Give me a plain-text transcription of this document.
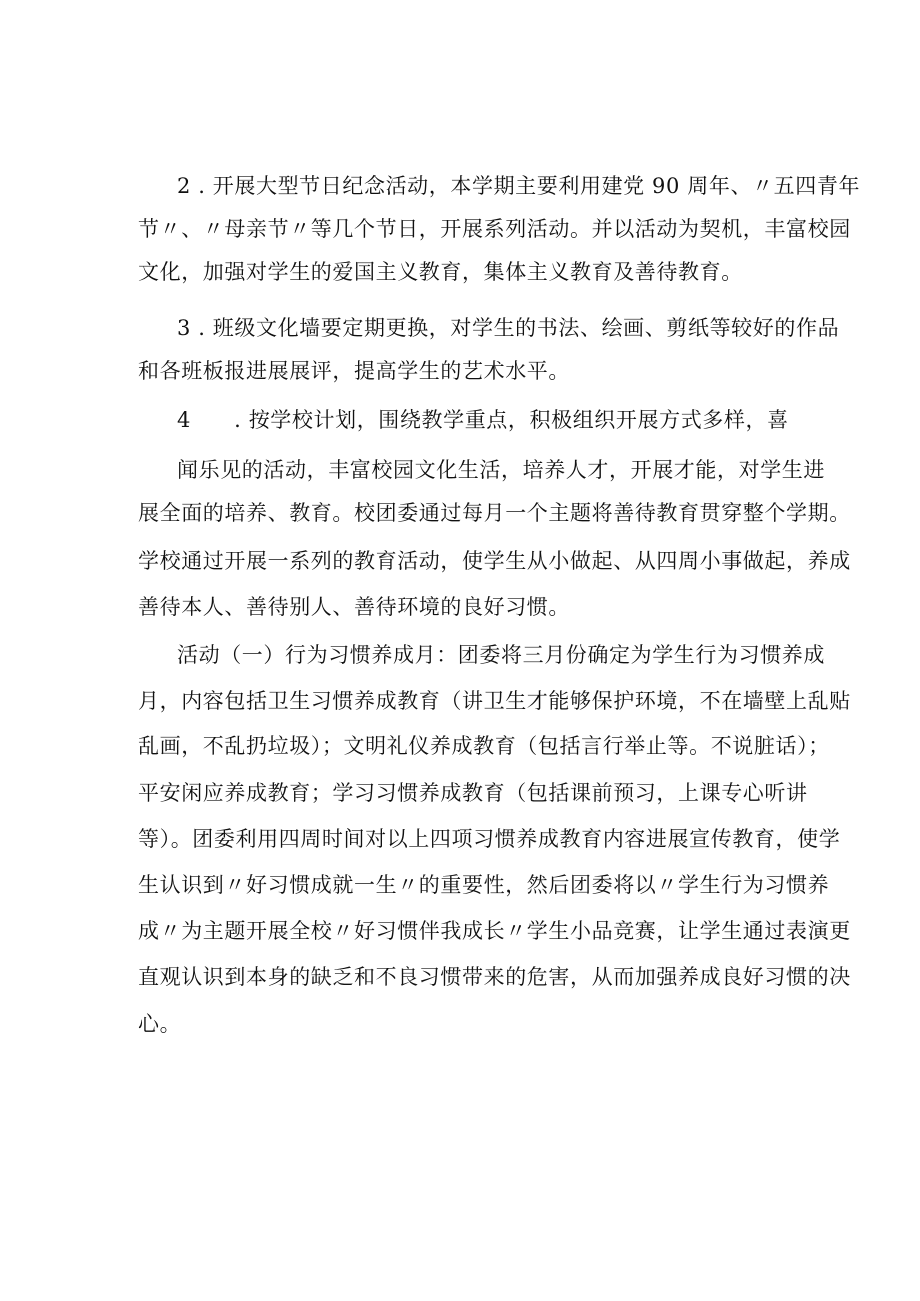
2 . 开展大型节日纪念活动，本学期主要利用建党 90 周年、〃五四青年
节〃、〃母亲节〃等几个节日，开展系列活动。并以活动为契机，丰富校园
文化，加强对学生的爱国主义教育，集体主义教育及善待教育。
3 . 班级文化墙要定期更换，对学生的书法、绘画、剪纸等较好的作品
和各班板报进展展评，提高学生的艺术水平。
4　　. 按学校计划，围绕教学重点，积极组织开展方式多样，喜
闻乐见的活动，丰富校园文化生活，培养人才，开展才能，对学生进
展全面的培养、教育。校团委通过每月一个主题将善待教育贯穿整个学期。
学校通过开展一系列的教育活动，使学生从小做起、从四周小事做起，养成
善待本人、善待别人、善待环境的良好习惯。
活动（一）行为习惯养成月：团委将三月份确定为学生行为习惯养成
月，内容包括卫生习惯养成教育（讲卫生才能够保护环境，不在墙壁上乱贴
乱画，不乱扔垃圾）；文明礼仪养成教育（包括言行举止等。不说脏话）；
平安闲应养成教育；学习习惯养成教育（包括课前预习，上课专心听讲
等）。团委利用四周时间对以上四项习惯养成教育内容进展宣传教育，使学
生认识到〃好习惯成就一生〃的重要性，然后团委将以〃学生行为习惯养
成〃为主题开展全校〃好习惯伴我成长〃学生小品竞赛，让学生通过表演更
直观认识到本身的缺乏和不良习惯带来的危害，从而加强养成良好习惯的决
心。
